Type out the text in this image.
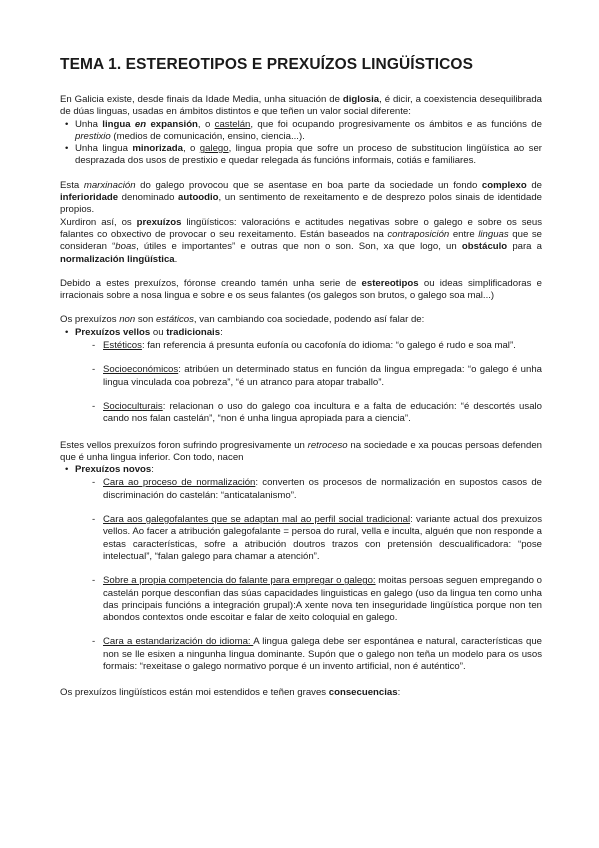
TEMA 1. ESTEREOTIPOS E PREXUÍZOS LINGÜÍSTICOS

En Galicia existe, desde finais da Idade Media, unha situación de diglosia, é dicir, a coexistencia desequilibrada de dúas linguas, usadas en ámbitos distintos e que teñen un valor social diferente:

• Unha lingua en expansión, o castelán, que foi ocupando progresivamente os ámbitos e as funcións de prestixio (medios de comunicación, ensino, ciencia...).
• Unha lingua minorizada, o galego, lingua propia que sofre un proceso de substitucion lingüística ao ser desprazada dos usos de prestixio e quedar relegada ás funcións informais, cotiás e familiares.

Esta marxinación do galego provocou que se asentase en boa parte da sociedade un fondo complexo de inferioridade denominado autoodio, un sentimento de rexeitamento e de desprezo polos sinais de identidade propios.

Xurdiron así, os prexuízos lingüísticos: valoracións e actitudes negativas sobre o galego e sobre os seus falantes co obxectivo de provocar o seu rexeitamento. Están baseados na contraposición entre linguas que se consideran “boas, útiles e importantes” e outras que non o son. Son, xa que logo, un obstáculo para a normalización lingüística.

Debido a estes prexuízos, fóronse creando tamén unha serie de estereotipos ou ideas simplificadoras e irracionais sobre a nosa lingua e sobre e os seus falantes (os galegos son brutos, o galego soa mal...)

Os prexuízos non son estáticos, van cambiando coa sociedade, podendo así falar de:

• Prexuízos vellos ou tradicionais:
- Estéticos: fan referencia á presunta eufonía ou cacofonía do idioma: “o galego é rudo e soa mal”.
- Socioeconómicos: atribúen un determinado status en función da lingua empregada: “o galego é unha lingua vinculada coa pobreza”, “é un atranco para atopar traballo”.
- Socioculturais: relacionan o uso do galego coa incultura e a falta de educación: “é descortés usalo cando nos falan castelán”, “non é unha lingua apropiada para a ciencia”.

Estes vellos prexuízos foron sufrindo progresivamente un retroceso na sociedade e xa poucas persoas defenden que é unha lingua inferior. Con todo, nacen

• Prexuízos novos:
- Cara ao proceso de normalización: converten os procesos de normalización en supostos casos de discriminación do castelán: “anticatalanismo”.
- Cara aos galegofalantes que se adaptan mal ao perfil social tradicional: variante actual dos prexuizos vellos. Ao facer a atribución galegofalante = persoa do rural, vella e inculta, alguén que non responde a estas características, sofre a atribución doutros trazos con pretensión descualificadora: “pose intelectual”, “falan galego para chamar a atención”.
- Sobre a propia competencia do falante para empregar o galego: moitas persoas seguen empregando o castelán porque desconfian das súas capacidades linguisticas en galego (uso da lingua ten como unha das principais funcións a integración grupal):A xente nova ten inseguridade lingüística porque non ten abondos contextos onde escoitar e falar de xeito coloquial en galego.
- Cara a estandarización do idioma: A lingua galega debe ser espontánea e natural, características que non se lle esixen a ningunha lingua dominante. Supón que o galego non teña un modelo para os usos formais: “rexeitase o galego normativo porque é un invento artificial, non é auténtico”.

Os prexuízos lingüísticos están moi estendidos e teñen graves consecuencias:
